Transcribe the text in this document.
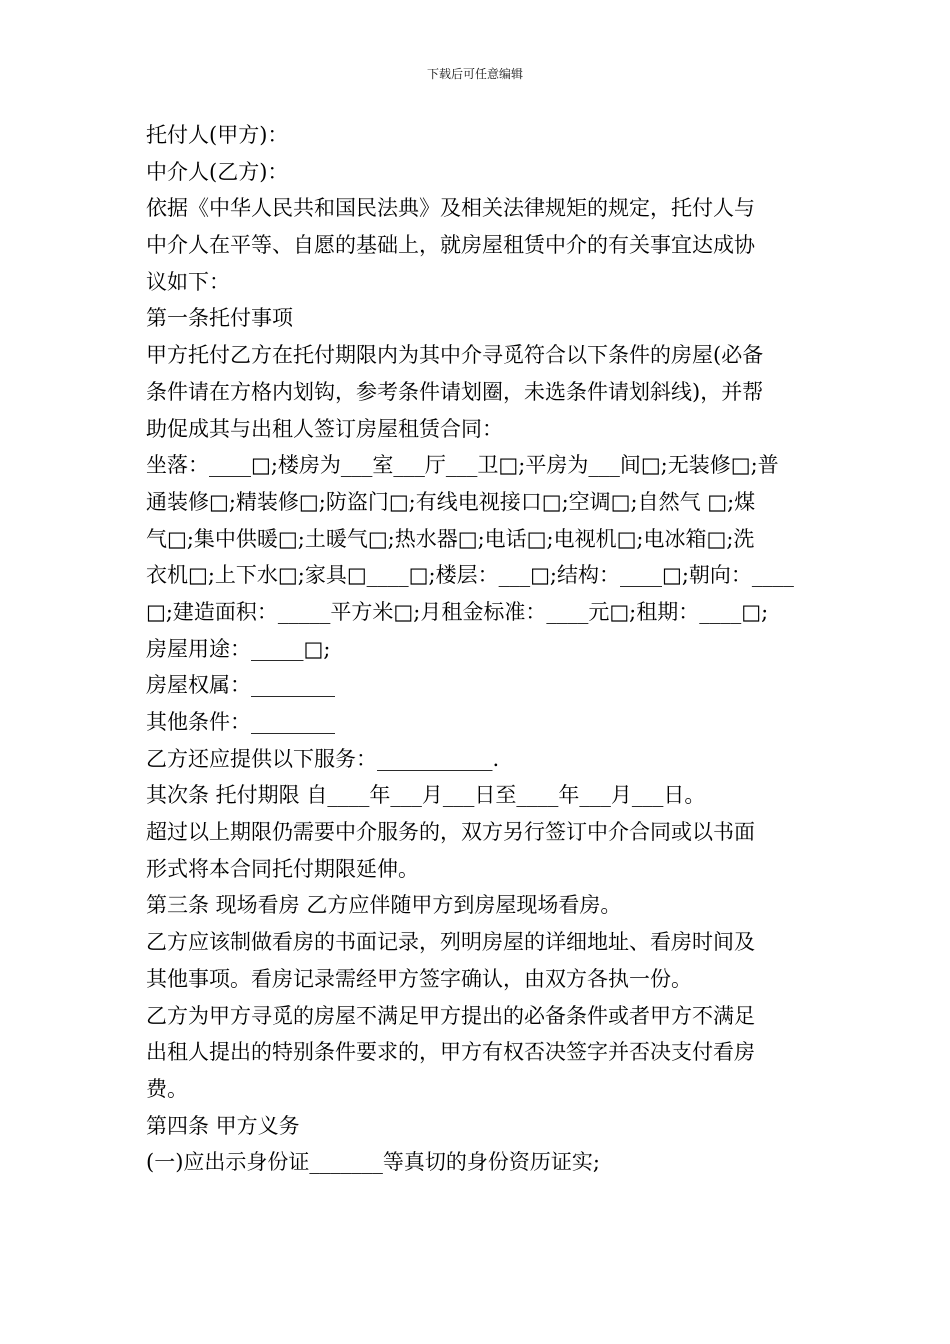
下载后可任意编辑
托付人(甲方)：
中介人(乙方)：
依据《中华人民共和国民法典》及相关法律规矩的规定，托付人与
中介人在平等、自愿的基础上，就房屋租赁中介的有关事宜达成协
议如下：
第一条托付事项
甲方托付乙方在托付期限内为其中介寻觅符合以下条件的房屋(必备
条件请在方格内划钩，参考条件请划圈，未选条件请划斜线)，并帮
助促成其与出租人签订房屋租赁合同：
坐落：____□;楼房为___室___厅___卫□;平房为___间□;无装修□;普
通装修□;精装修□;防盗门□;有线电视接口□;空调□;自然气 □;煤
气□;集中供暖□;土暖气□;热水器□;电话□;电视机□;电冰箱□;洗
衣机□;上下水□;家具□____□;楼层：___□;结构：____□;朝向：____
□;建造面积：_____平方米□;月租金标准：____元□;租期：____□;
房屋用途：_____□;
房屋权属：________
其他条件：________
乙方还应提供以下服务：___________.
其次条 托付期限 自____年___月___日至____年___月___日。
超过以上期限仍需要中介服务的，双方另行签订中介合同或以书面
形式将本合同托付期限延伸。
第三条 现场看房 乙方应伴随甲方到房屋现场看房。
乙方应该制做看房的书面记录，列明房屋的详细地址、看房时间及
其他事项。看房记录需经甲方签字确认，由双方各执一份。
乙方为甲方寻觅的房屋不满足甲方提出的必备条件或者甲方不满足
出租人提出的特别条件要求的，甲方有权否决签字并否决支付看房
费。
第四条 甲方义务
(一)应出示身份证_______等真切的身份资历证实;
